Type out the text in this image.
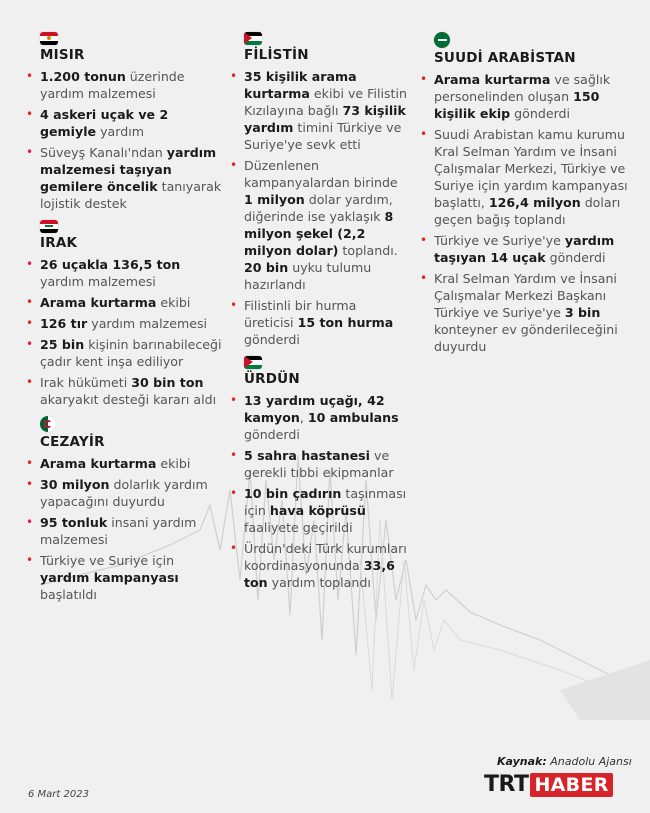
MISIR
• 1.200 tonun üzerinde yardım malzemesi
• 4 askeri uçak ve 2 gemiyle yardım
• Süveyş Kanalı'ndan yardım malzemesi taşıyan gemilere öncelik tanıyarak lojistik destek
IRAK
• 26 uçakla 136,5 ton yardım malzemesi
• Arama kurtarma ekibi
• 126 tır yardım malzemesi
• 25 bin kişinin barınabileceği çadır kent inşa ediliyor
• Irak hükümeti 30 bin ton akaryakıt desteği kararı aldı
CEZAYİR
• Arama kurtarma ekibi
• 30 milyon dolarlık yardım yapacağını duyurdu
• 95 tonluk insani yardım malzemesi
• Türkiye ve Suriye için yardım kampanyası başlatıldı
FİLİSTİN
• 35 kişilik arama kurtarma ekibi ve Filistin Kızılayına bağlı 73 kişilik yardım timini Türkiye ve Suriye'ye sevk etti
• Düzenlenen kampanyalardan birinde 1 milyon dolar yardım, diğerinde ise yaklaşık 8 milyon şekel (2,2 milyon dolar) toplandı. 20 bin uyku tulumu hazırlandı
• Filistinli bir hurma üreticisi 15 ton hurma gönderdi
ÜRDÜN
• 13 yardım uçağı, 42 kamyon, 10 ambulans gönderdi
• 5 sahra hastanesi ve gerekli tıbbi ekipmanlar
• 10 bin çadırın taşınması için hava köprüsü faaliyete geçirildi
• Ürdün'deki Türk kurumları koordinasyonunda 33,6 ton yardım toplandı
SUUDİ ARABİSTAN
• Arama kurtarma ve sağlık personelinden oluşan 150 kişilik ekip gönderdi
• Suudi Arabistan kamu kurumu Kral Selman Yardım ve İnsani Çalışmalar Merkezi, Türkiye ve Suriye için yardım kampanyası başlattı, 126,4 milyon doları geçen bağış toplandı
• Türkiye ve Suriye'ye yardım taşıyan 14 uçak gönderdi
• Kral Selman Yardım ve İnsani Çalışmalar Merkezi Başkanı Türkiye ve Suriye'ye 3 bin konteyner ev gönderileceğini duyurdu
Kaynak: Anadolu Ajansı
TRT HABER
6 Mart 2023
